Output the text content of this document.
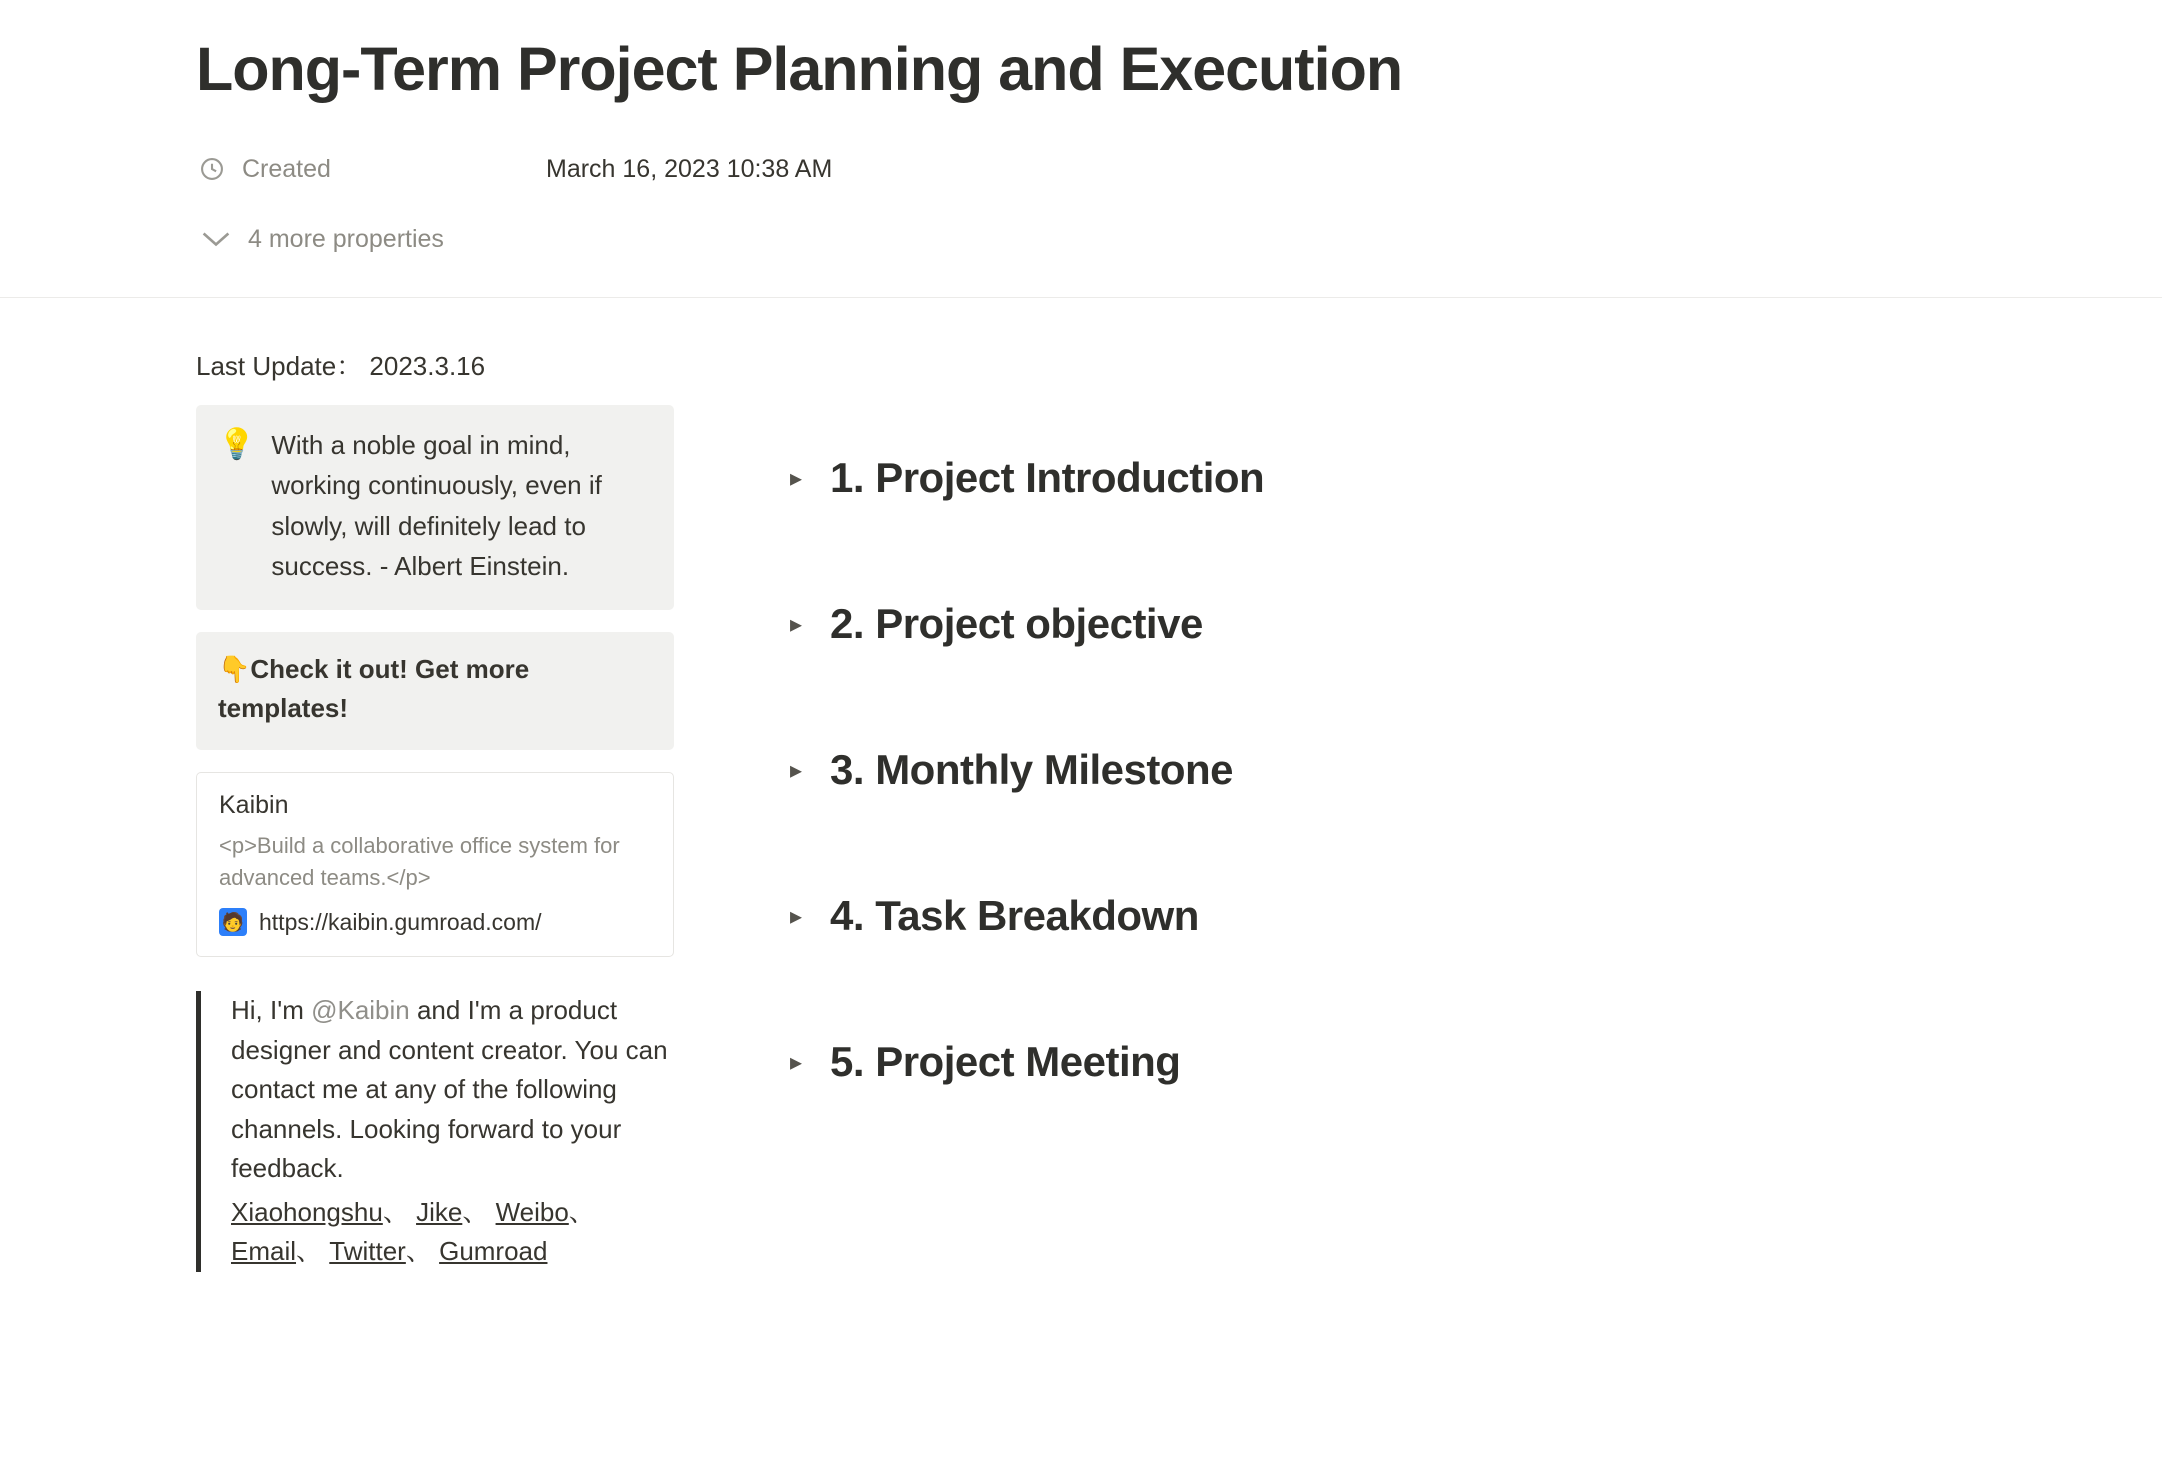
Long-Term Project Planning and Execution
Created	March 16, 2023 10:38 AM
4 more properties
Last Update： 2023.3.16
💡 With a noble goal in mind, working continuously, even if slowly, will definitely lead to success. - Albert Einstein.
👇Check it out! Get more templates!
Kaibin
<p>Build a collaborative office system for advanced teams.</p>
🧑 https://kaibin.gumroad.com/

Hi, I'm @Kaibin and I'm a product designer and content creator. You can contact me at any of the following channels. Looking forward to your feedback.

Xiaohongshu、 Jike、 Weibo、 Email、 Twitter、 Gumroad
▸ 1. Project Introduction
▸ 2. Project objective
▸ 3. Monthly Milestone
▸ 4. Task Breakdown
▸ 5. Project Meeting
